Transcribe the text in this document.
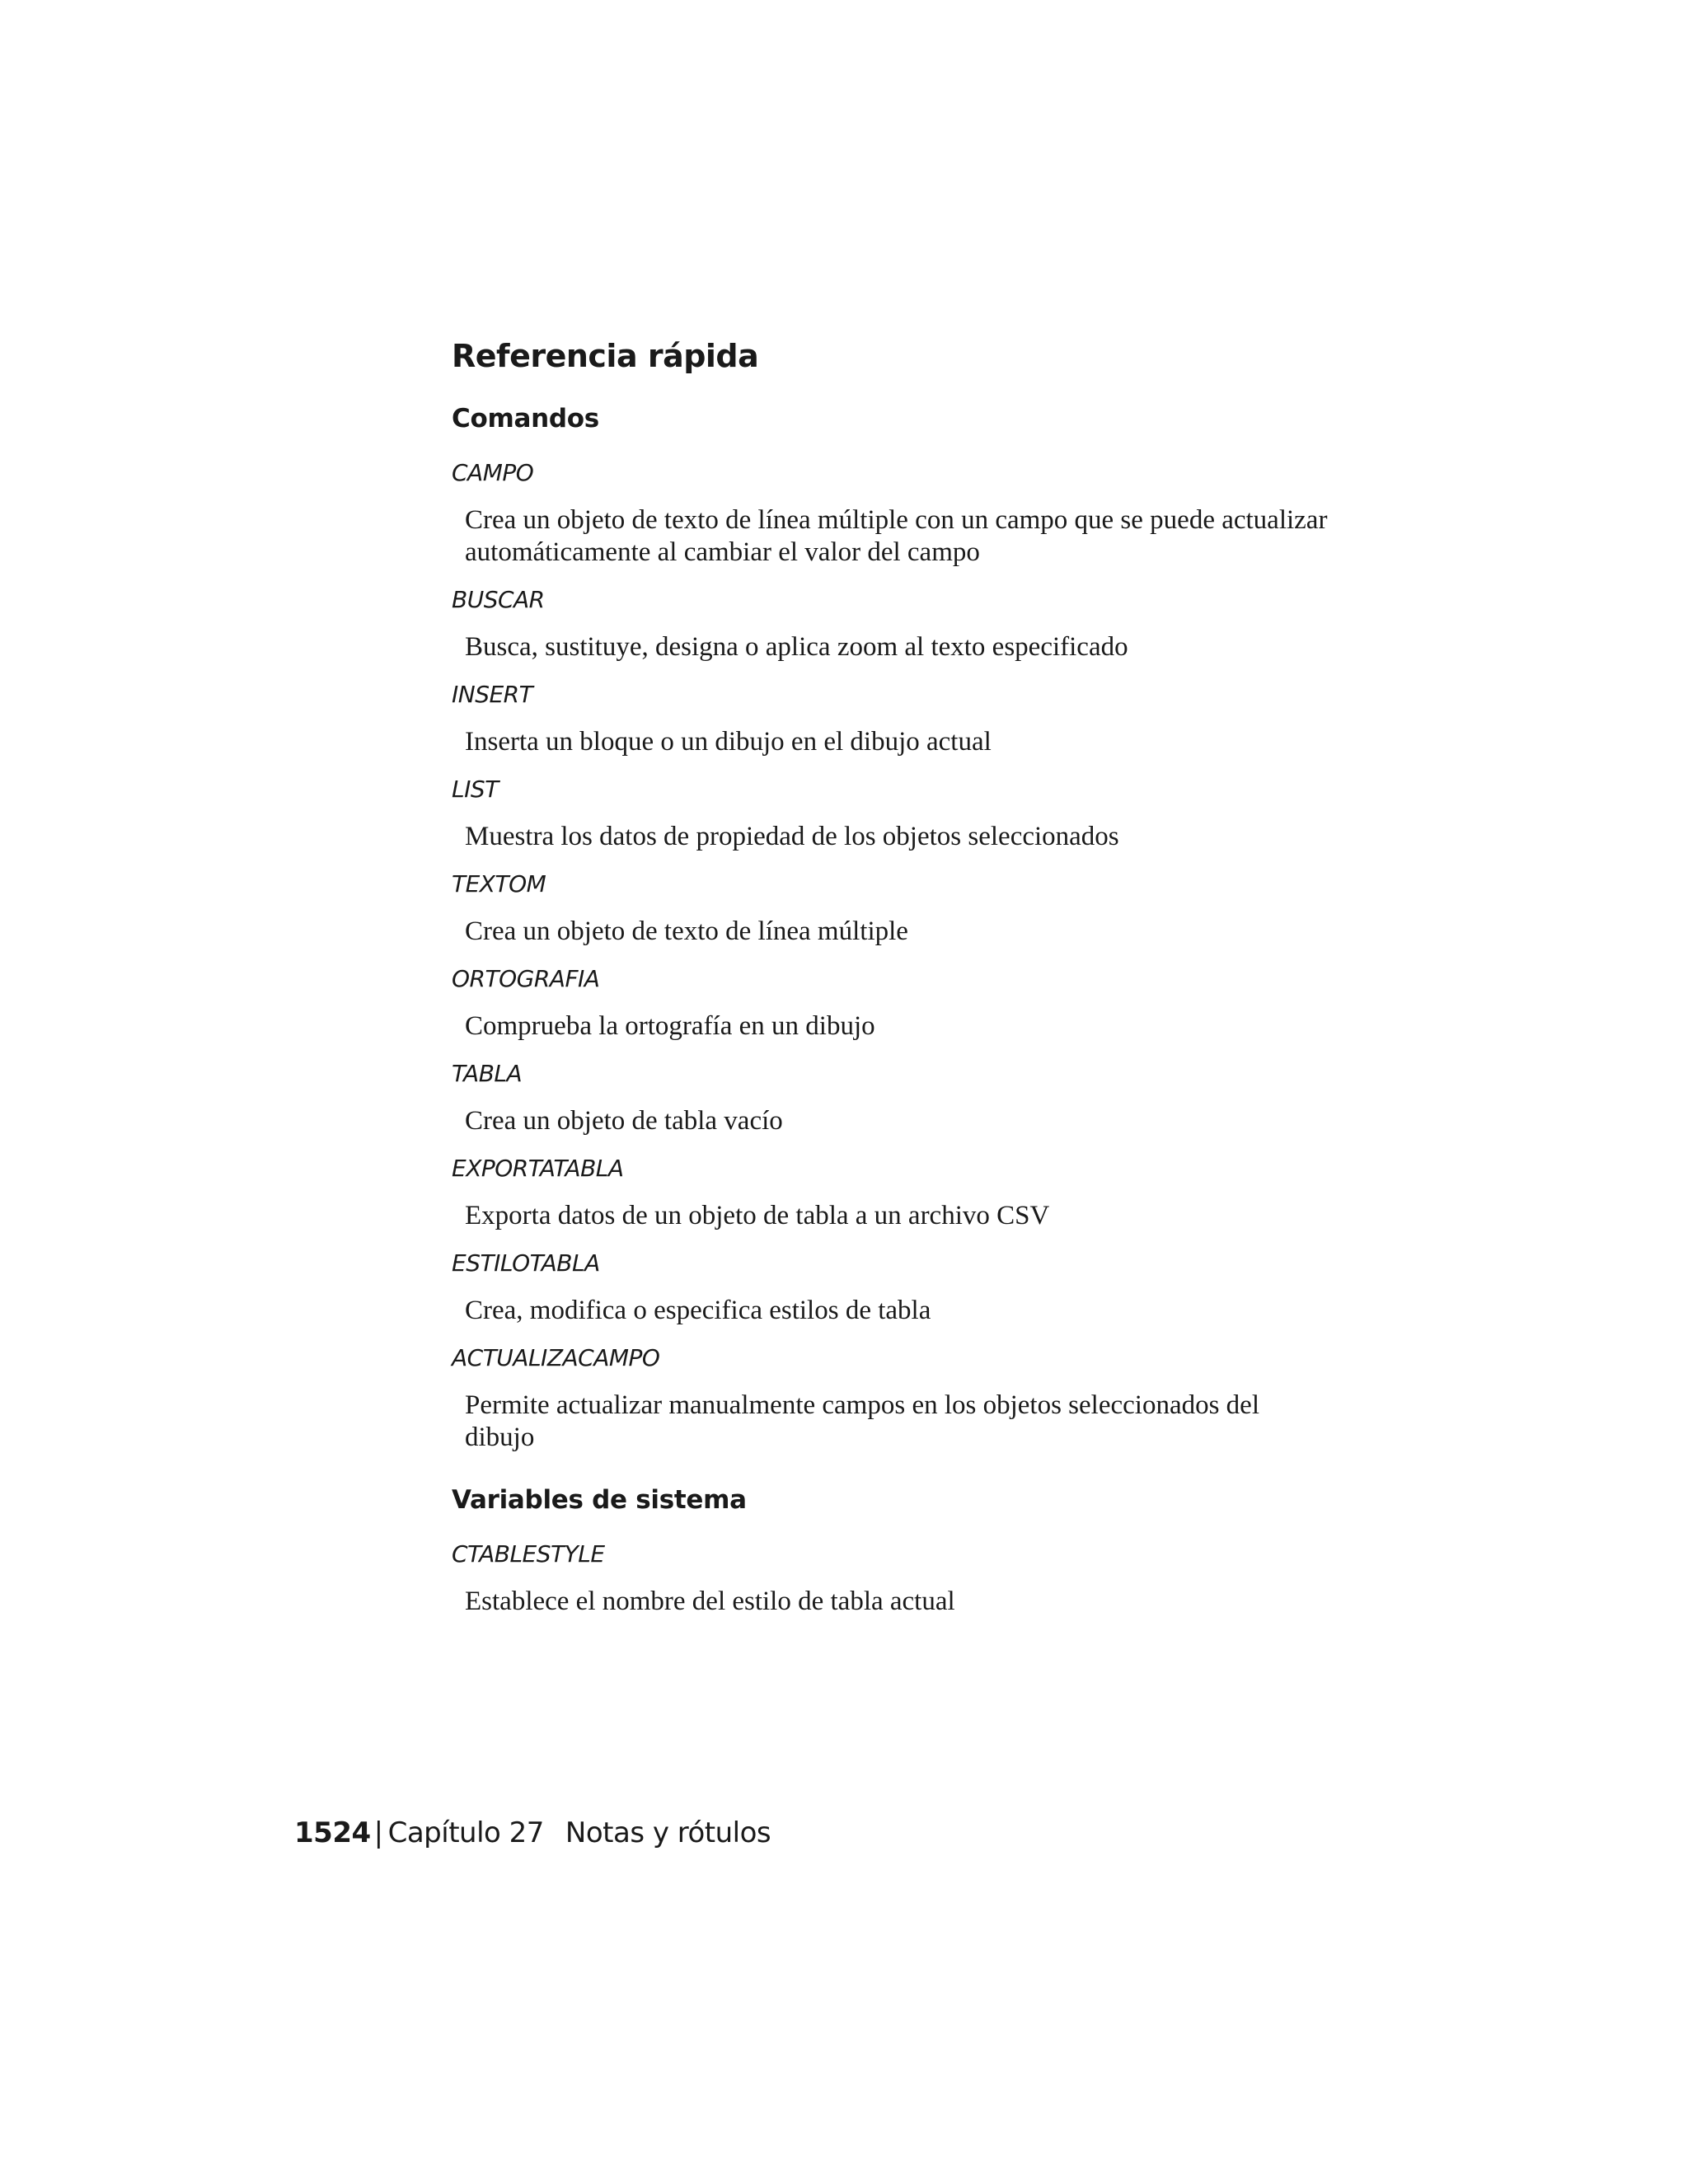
Referencia rápida
Comandos
CAMPO
Crea un objeto de texto de línea múltiple con un campo que se puede actualizar automáticamente al cambiar el valor del campo
BUSCAR
Busca, sustituye, designa o aplica zoom al texto especificado
INSERT
Inserta un bloque o un dibujo en el dibujo actual
LIST
Muestra los datos de propiedad de los objetos seleccionados
TEXTOM
Crea un objeto de texto de línea múltiple
ORTOGRAFIA
Comprueba la ortografía en un dibujo
TABLA
Crea un objeto de tabla vacío
EXPORTATABLA
Exporta datos de un objeto de tabla a un archivo CSV
ESTILOTABLA
Crea, modifica o especifica estilos de tabla
ACTUALIZACAMPO
Permite actualizar manualmente campos en los objetos seleccionados del dibujo
Variables de sistema
CTABLESTYLE
Establece el nombre del estilo de tabla actual
1524 | Capítulo 27 Notas y rótulos
